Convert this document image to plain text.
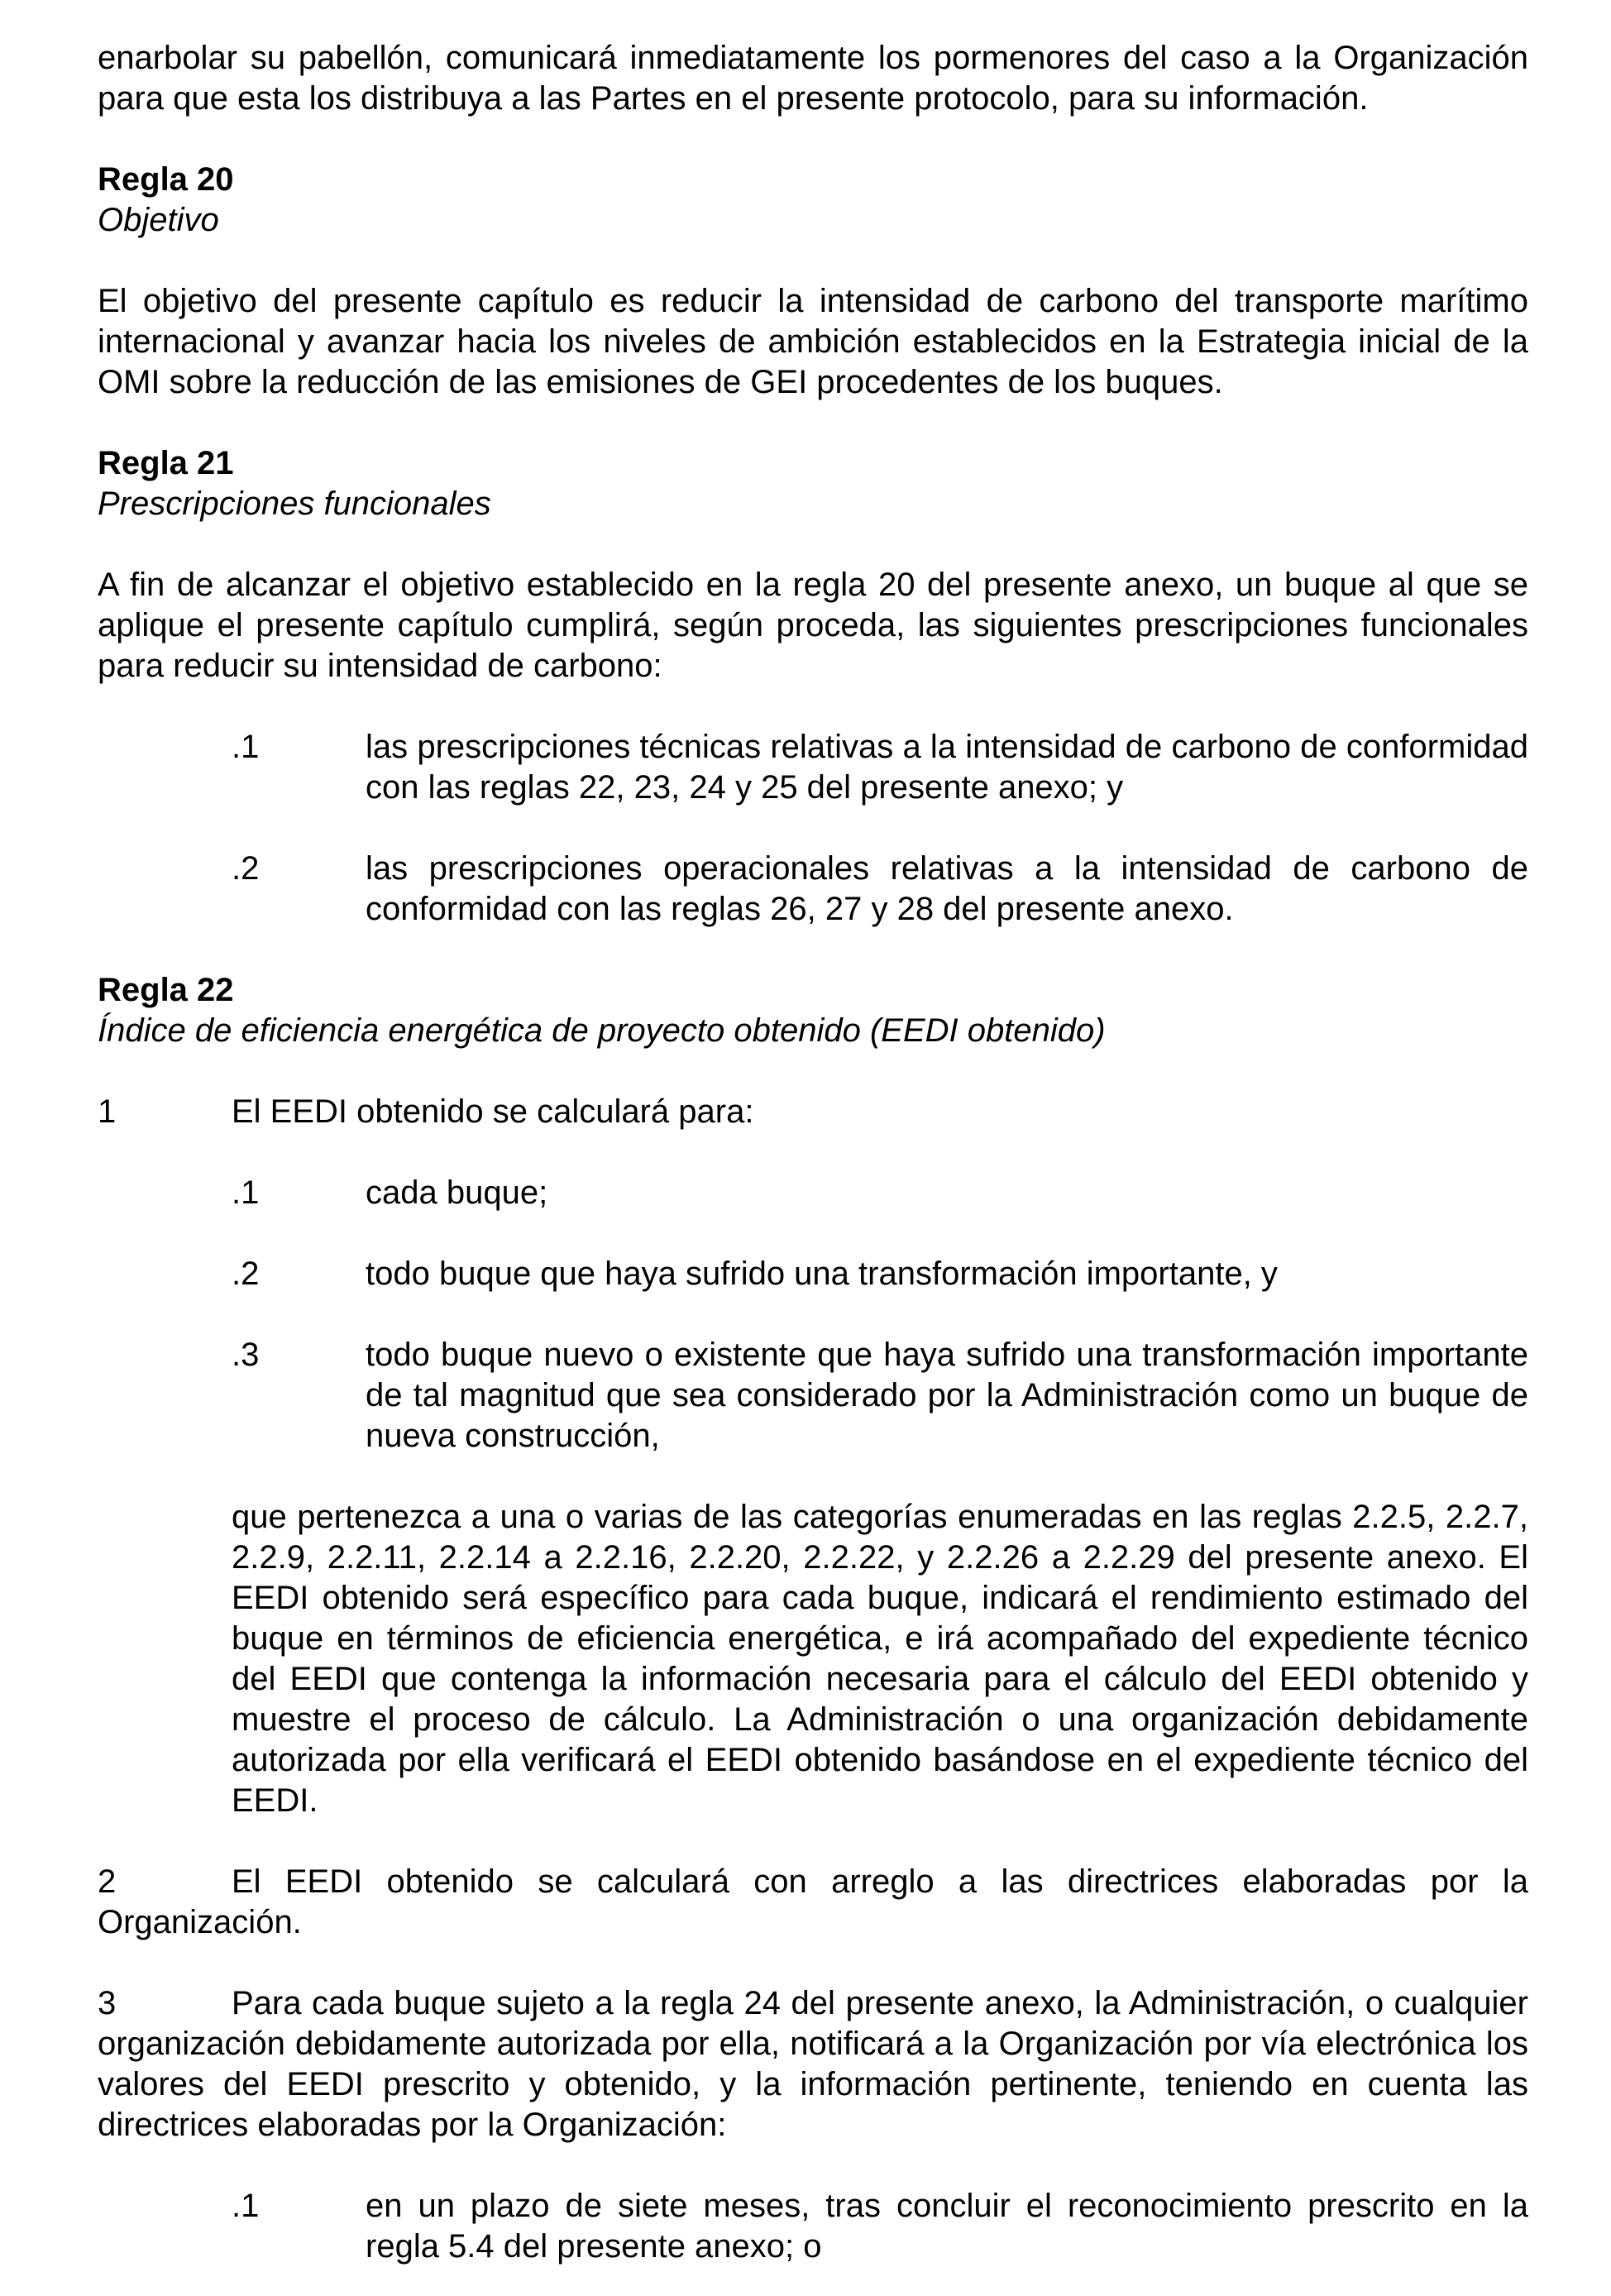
enarbolar su pabellón, comunicará inmediatamente los pormenores del caso a la Organización para que esta los distribuya a las Partes en el presente protocolo, para su información.

Regla 20

Objetivo

El objetivo del presente capítulo es reducir la intensidad de carbono del transporte marítimo internacional y avanzar hacia los niveles de ambición establecidos en la Estrategia inicial de la OMI sobre la reducción de las emisiones de GEI procedentes de los buques.

Regla 21

Prescripciones funcionales

A fin de alcanzar el objetivo establecido en la regla 20 del presente anexo, un buque al que se aplique el presente capítulo cumplirá, según proceda, las siguientes prescripciones funcionales para reducir su intensidad de carbono:

.1	las prescripciones técnicas relativas a la intensidad de carbono de conformidad con las reglas 22, 23, 24 y 25 del presente anexo; y
.2	las prescripciones operacionales relativas a la intensidad de carbono de conformidad con las reglas 26, 27 y 28 del presente anexo.

Regla 22

Índice de eficiencia energética de proyecto obtenido (EEDI obtenido)

1	El EEDI obtenido se calculará para:

.1	cada buque;
.2	todo buque que haya sufrido una transformación importante, y
.3	todo buque nuevo o existente que haya sufrido una transformación importante de tal magnitud que sea considerado por la Administración como un buque de nueva construcción,

que pertenezca a una o varias de las categorías enumeradas en las reglas 2.2.5, 2.2.7, 2.2.9, 2.2.11, 2.2.14 a 2.2.16, 2.2.20, 2.2.22, y 2.2.26 a 2.2.29 del presente anexo. El EEDI obtenido será específico para cada buque, indicará el rendimiento estimado del buque en términos de eficiencia energética, e irá acompañado del expediente técnico del EEDI que contenga la información necesaria para el cálculo del EEDI obtenido y muestre el proceso de cálculo. La Administración o una organización debidamente autorizada por ella verificará el EEDI obtenido basándose en el expediente técnico del EEDI.

2	El EEDI obtenido se calculará con arreglo a las directrices elaboradas por la Organización.

3	Para cada buque sujeto a la regla 24 del presente anexo, la Administración, o cualquier organización debidamente autorizada por ella, notificará a la Organización por vía electrónica los valores del EEDI prescrito y obtenido, y la información pertinente, teniendo en cuenta las directrices elaboradas por la Organización:

.1	en un plazo de siete meses, tras concluir el reconocimiento prescrito en la regla 5.4 del presente anexo; o
